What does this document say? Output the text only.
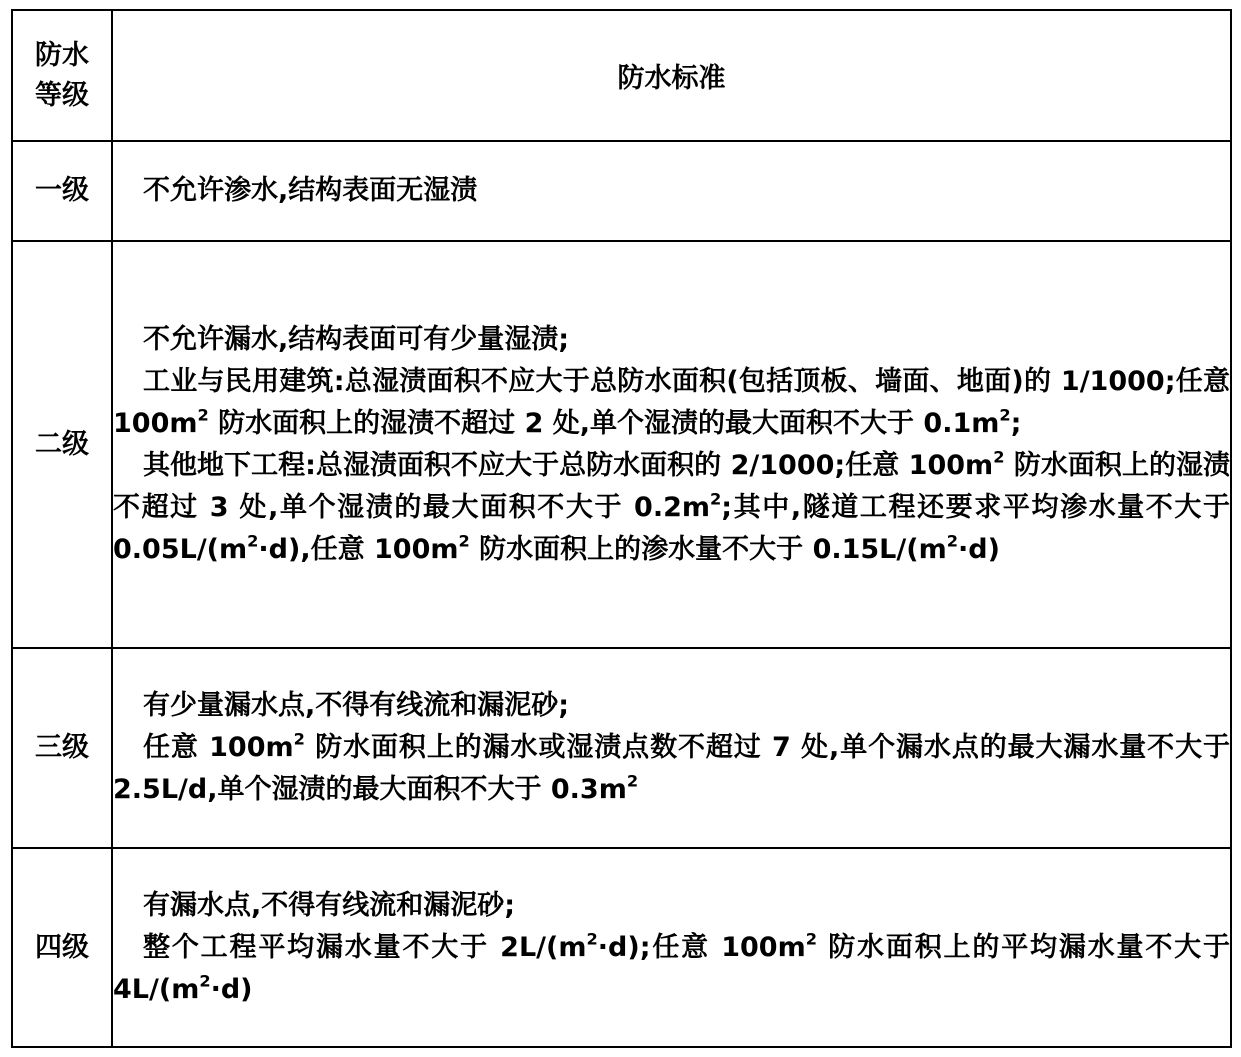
防水
等级	防水标准
一级	不允许渗水,结构表面无湿渍

二级	不允许漏水,结构表面可有少量湿渍;

工业与民用建筑:总湿渍面积不应大于总防水面积(包括顶板、墙面、地面)的 1/1000;任意 $100m^2$ 防水面积上的湿渍不超过 2 处,单个湿渍的最大面积不大于 $0.1m^2$;

其他地下工程:总湿渍面积不应大于总防水面积的 2/1000;任意 $100m^2$ 防水面积上的湿渍不超过 3 处,单个湿渍的最大面积不大于 $0.2m^2$;其中,隧道工程还要求平均渗水量不大于 $0.05L/(m^2\cdot d)$,任意 $100m^2$ 防水面积上的渗水量不大于 $0.15L/(m^2\cdot d)$

三级	有少量漏水点,不得有线流和漏泥砂;

任意 $100m^2$ 防水面积上的漏水或湿渍点数不超过 7 处,单个漏水点的最大漏水量不大于 2.5L/d,单个湿渍的最大面积不大于 $0.3m^2$

四级	有漏水点,不得有线流和漏泥砂;

整个工程平均漏水量不大于 $2L/(m^2\cdot d)$;任意 $100m^2$ 防水面积上的平均漏水量不大于 $4L/(m^2\cdot d)$
